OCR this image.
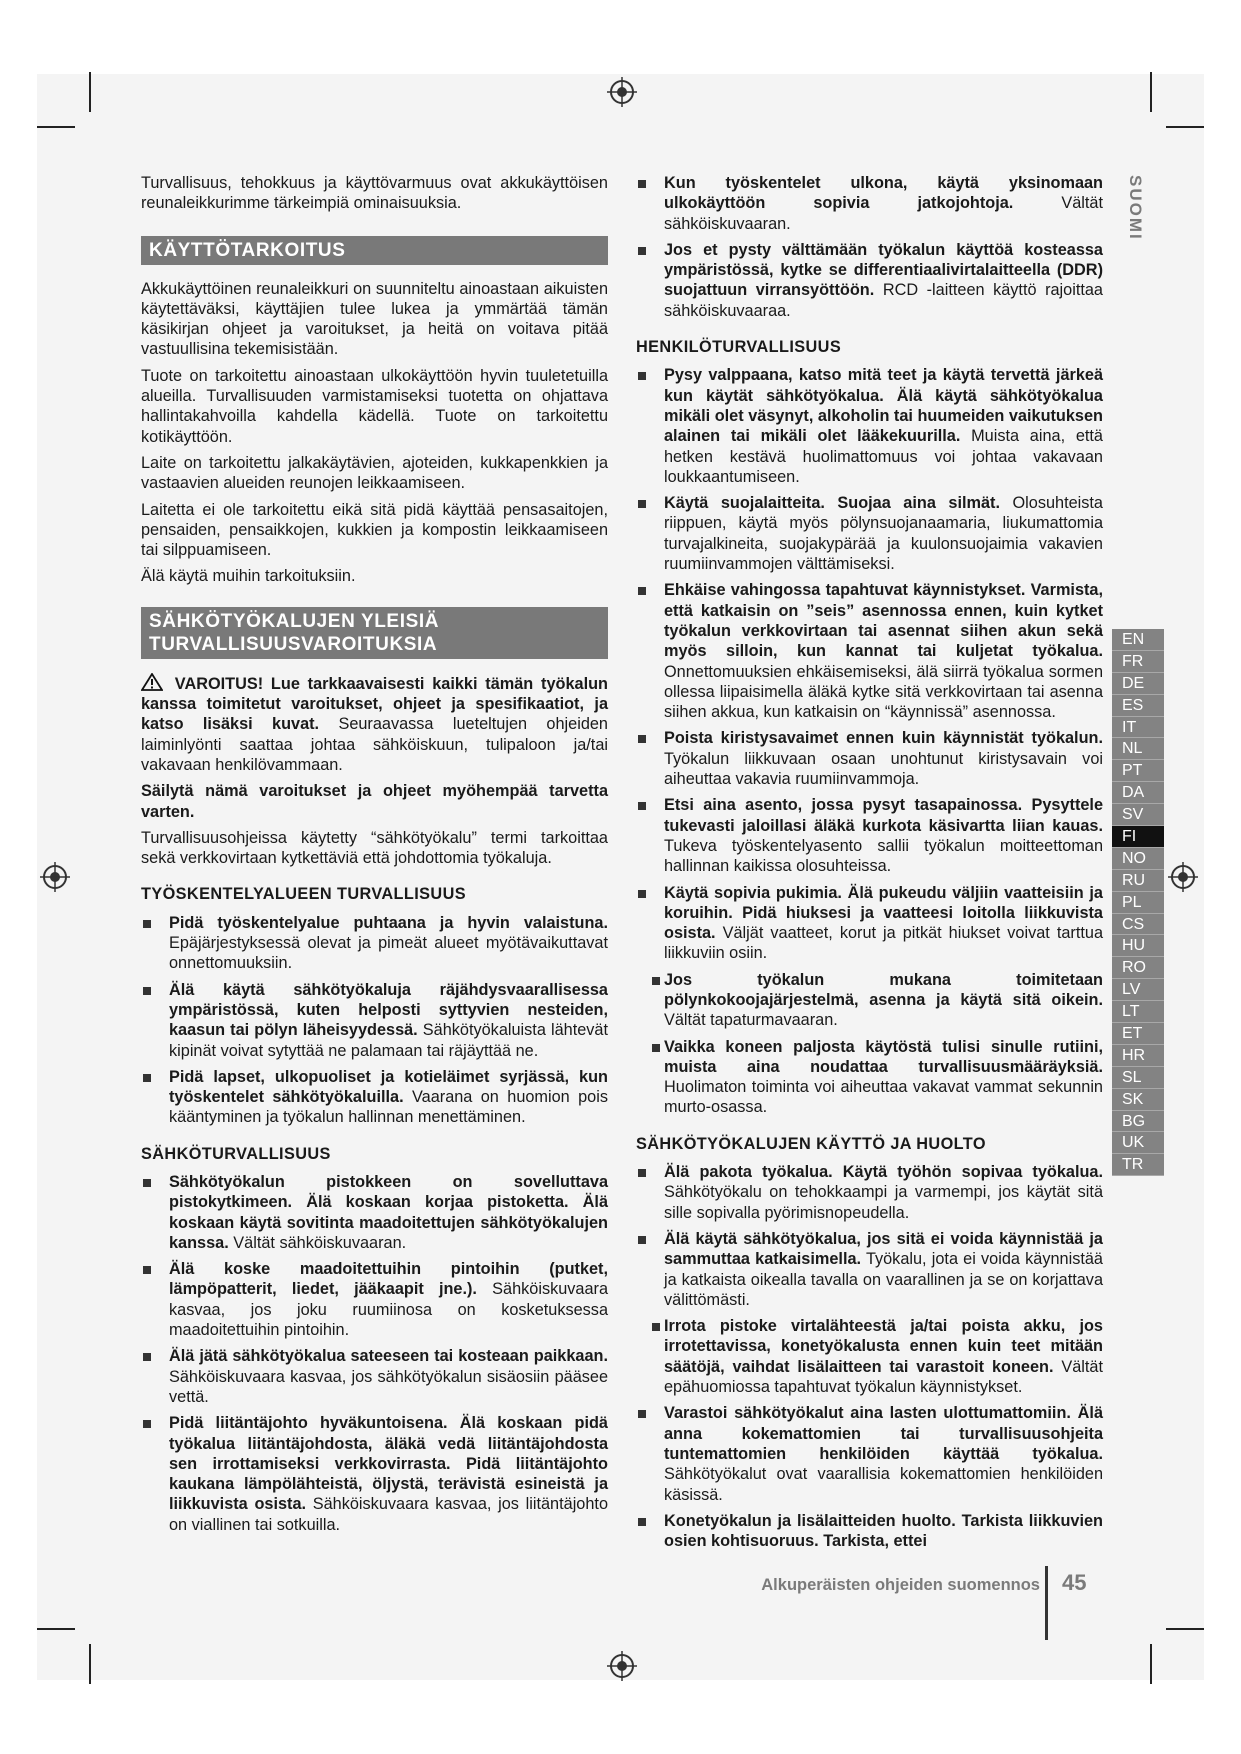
Turvallisuus, tehokkuus ja käyttövarmuus ovat akkukäyttöisen reunaleikkurimme tärkeimpiä ominaisuuksia.

KÄYTTÖTARKOITUS

Akkukäyttöinen reunaleikkuri on suunniteltu ainoastaan aikuisten käytettäväksi, käyttäjien tulee lukea ja ymmärtää tämän käsikirjan ohjeet ja varoitukset, ja heitä on voitava pitää vastuullisina tekemisistään.

Tuote on tarkoitettu ainoastaan ulkokäyttöön hyvin tuuletetuilla alueilla. Turvallisuuden varmistamiseksi tuotetta on ohjattava hallintakahvoilla kahdella kädellä. Tuote on tarkoitettu kotikäyttöön.

Laite on tarkoitettu jalkakäytävien, ajoteiden, kukkapenkkien ja vastaavien alueiden reunojen leikkaamiseen.

Laitetta ei ole tarkoitettu eikä sitä pidä käyttää pensasaitojen, pensaiden, pensaikkojen, kukkien ja kompostin leikkaamiseen tai silppuamiseen.

Älä käytä muihin tarkoituksiin.

SÄHKÖTYÖKALUJEN YLEISIÄ
TURVALLISUUSVAROITUKSIA

VAROITUS! Lue tarkkaavaisesti kaikki tämän työkalun kanssa toimitetut varoitukset, ohjeet ja spesifikaatiot, ja katso lisäksi kuvat. Seuraavassa lueteltujen ohjeiden laiminlyönti saattaa johtaa sähköiskuun, tulipaloon ja/tai vakavaan henkilövammaan.

Säilytä nämä varoitukset ja ohjeet myöhempää tarvetta varten.

Turvallisuusohjeissa käytetty “sähkötyökalu” termi tarkoittaa sekä verkkovirtaan kytkettäviä että johdottomia työkaluja.

TYÖSKENTELYALUEEN TURVALLISUUS
Pidä työskentelyalue puhtaana ja hyvin valaistuna. Epäjärjestyksessä olevat ja pimeät alueet myötävaikuttavat onnettomuuksiin.
Älä käytä sähkötyökaluja räjähdysvaarallisessa ympäristössä, kuten helposti syttyvien nesteiden, kaasun tai pölyn läheisyydessä. Sähkötyökaluista lähtevät kipinät voivat sytyttää ne palamaan tai räjäyttää ne.
Pidä lapset, ulkopuoliset ja kotieläimet syrjässä, kun työskentelet sähkötyökaluilla. Vaarana on huomion pois kääntyminen ja työkalun hallinnan menettäminen.
SÄHKÖTURVALLISUUS
Sähkötyökalun pistokkeen on sovelluttava pistokytkimeen. Älä koskaan korjaa pistoketta. Älä koskaan käytä sovitinta maadoitettujen sähkötyökalujen kanssa. Vältät sähköiskuvaaran.
Älä koske maadoitettuihin pintoihin (putket, lämpöpatterit, liedet, jääkaapit jne.). Sähköiskuvaara kasvaa, jos joku ruumiinosa on kosketuksessa maadoitettuihin pintoihin.
Älä jätä sähkötyökalua sateeseen tai kosteaan paikkaan. Sähköiskuvaara kasvaa, jos sähkötyökalun sisäosiin pääsee vettä.
Pidä liitäntäjohto hyväkuntoisena. Älä koskaan pidä työkalua liitäntäjohdosta, äläkä vedä liitäntäjohdosta sen irrottamiseksi verkkovirrasta. Pidä liitäntäjohto kaukana lämpölähteistä, öljystä, terävistä esineistä ja liikkuvista osista. Sähköiskuvaara kasvaa, jos liitäntäjohto on viallinen tai sotkuilla.
Kun työskentelet ulkona, käytä yksinomaan ulkokäyttöön sopivia jatkojohtoja.	Vältät sähköiskuvaaran.
Jos et pysty välttämään työkalun käyttöä kosteassa ympäristössä, kytke se differentiaalivirtalaitteella (DDR) suojattuun virransyöttöön. RCD -laitteen käyttö rajoittaa sähköiskuvaaraa.
HENKILÖTURVALLISUUS
Pysy valppaana, katso mitä teet ja käytä tervettä järkeä kun käytät sähkötyökalua. Älä käytä sähkötyökalua mikäli olet väsynyt, alkoholin tai huumeiden vaikutuksen alainen tai mikäli olet lääkekuurilla. Muista aina, että hetken kestävä huolimattomuus voi johtaa vakavaan loukkaantumiseen.
Käytä suojalaitteita. Suojaa aina silmät. Olosuhteista riippuen, käytä myös pölynsuojanaamaria, liukumattomia turvajalkineita, suojakypärää ja kuulonsuojaimia vakavien ruumiinvammojen välttämiseksi.
Ehkäise vahingossa tapahtuvat käynnistykset. Varmista, että katkaisin on ”seis” asennossa ennen, kuin kytket työkalun verkkovirtaan tai asennat siihen akun sekä myös silloin, kun kannat tai kuljetat työkalua. Onnettomuuksien ehkäisemiseksi, älä siirrä työkalua sormen ollessa liipaisimella äläkä kytke sitä verkkovirtaan tai asenna siihen akkua, kun katkaisin on “käynnissä” asennossa.
Poista kiristysavaimet ennen kuin käynnistät työkalun. Työkalun liikkuvaan osaan unohtunut kiristysavain voi aiheuttaa vakavia ruumiinvammoja.
Etsi aina asento, jossa pysyt tasapainossa. Pysyttele tukevasti jaloillasi äläkä kurkota käsivartta liian kauas. Tukeva työskentelyasento sallii työkalun moitteettoman hallinnan kaikissa olosuhteissa.
Käytä sopivia pukimia. Älä pukeudu väljiin vaatteisiin ja koruihin. Pidä hiuksesi ja vaatteesi loitolla liikkuvista osista. Väljät vaatteet, korut ja pitkät hiukset voivat tarttua liikkuviin osiin.
Jos työkalun mukana toimitetaan pölynkokoojajärjestelmä, asenna ja käytä sitä oikein. Vältät tapaturmavaaran.
Vaikka koneen paljosta käytöstä tulisi sinulle rutiini, muista aina noudattaa turvallisuusmääräyksiä. Huolimaton toiminta voi aiheuttaa vakavat vammat sekunnin murto-osassa.
SÄHKÖTYÖKALUJEN KÄYTTÖ JA HUOLTO
Älä pakota työkalua. Käytä työhön sopivaa työkalua. Sähkötyökalu on tehokkaampi ja varmempi, jos käytät sitä sille sopivalla pyörimisnopeudella.
Älä käytä sähkötyökalua, jos sitä ei voida käynnistää ja sammuttaa katkaisimella. Työkalu, jota ei voida käynnistää ja katkaista oikealla tavalla on vaarallinen ja se on korjattava välittömästi.
Irrota pistoke virtalähteestä ja/tai poista akku, jos irrotettavissa, konetyökalusta ennen kuin teet mitään säätöjä, vaihdat lisälaitteen tai varastoit koneen. Vältät epähuomiossa tapahtuvat työkalun käynnistykset.
Varastoi sähkötyökalut aina lasten ulottumattomiin. Älä anna kokemattomien tai turvallisuusohjeita tuntemattomien henkilöiden käyttää työkalua. Sähkötyökalut ovat vaarallisia kokemattomien henkilöiden käsissä.
Konetyökalun ja lisälaitteiden huolto. Tarkista liikkuvien osien kohtisuoruus. Tarkista, ettei
SUOMI
EN
FR
DE
ES
IT
NL
PT
DA
SV
FI
NO
RU
PL
CS
HU
RO
LV
LT
ET
HR
SL
SK
BG
UK
TR
Alkuperäisten ohjeiden suomennos 45
